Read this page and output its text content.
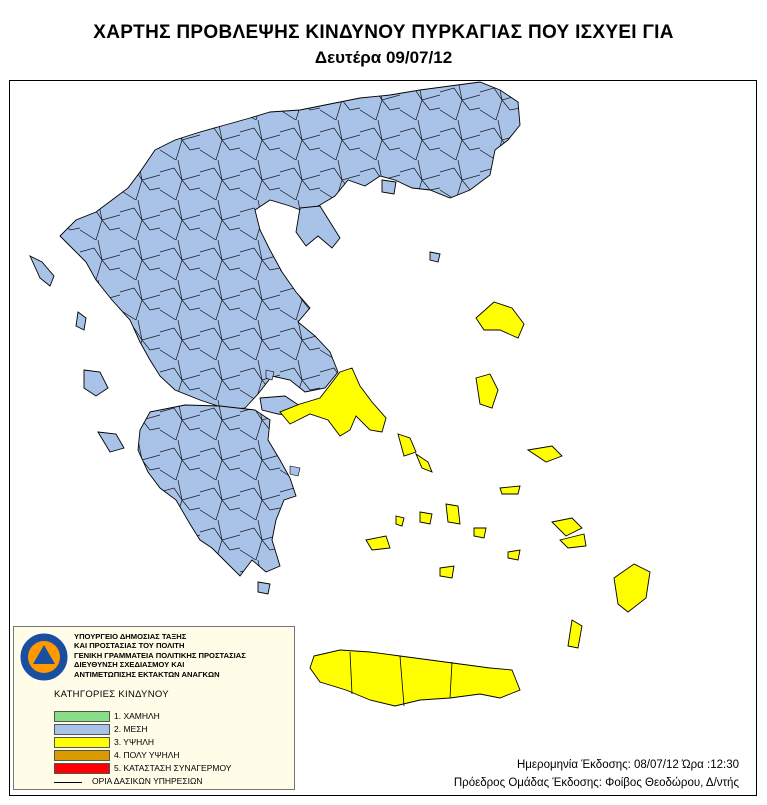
ΧΑΡΤΗΣ ΠΡΟΒΛΕΨΗΣ ΚΙΝΔΥΝΟΥ ΠΥΡΚΑΓΙΑΣ ΠΟΥ ΙΣΧΥΕΙ ΓΙΑ
Δευτέρα 09/07/12
ΥΠΟΥΡΓΕΙΟ ΔΗΜΟΣΙΑΣ ΤΑΞΗΣ
ΚΑΙ ΠΡΟΣΤΑΣΙΑΣ ΤΟΥ ΠΟΛΙΤΗ
ΓΕΝΙΚΗ ΓΡΑΜΜΑΤΕΙΑ ΠΟΛΙΤΙΚΗΣ ΠΡΟΣΤΑΣΙΑΣ
ΔΙΕΥΘΥΝΣΗ ΣΧΕΔΙΑΣΜΟΥ ΚΑΙ
ΑΝΤΙΜΕΤΩΠΙΣΗΣ ΕΚΤΑΚΤΩΝ ΑΝΑΓΚΩΝ
ΚΑΤΗΓΟΡΙΕΣ ΚΙΝΔΥΝΟΥ
1. ΧΑΜΗΛΗ
2. ΜΕΣΗ
3. ΥΨΗΛΗ
4. ΠΟΛΥ ΥΨΗΛΗ
5. ΚΑΤΑΣΤΑΣΗ ΣΥΝΑΓΕΡΜΟΥ
ΟΡΙΑ ΔΑΣΙΚΩΝ ΥΠΗΡΕΣΙΩΝ
Ημερομηνία Έκδοσης: 08/07/12 Ώρα :12:30
Πρόεδρος Ομάδας Έκδοσης: Φοίβος Θεοδώρου, Δ/ντής
